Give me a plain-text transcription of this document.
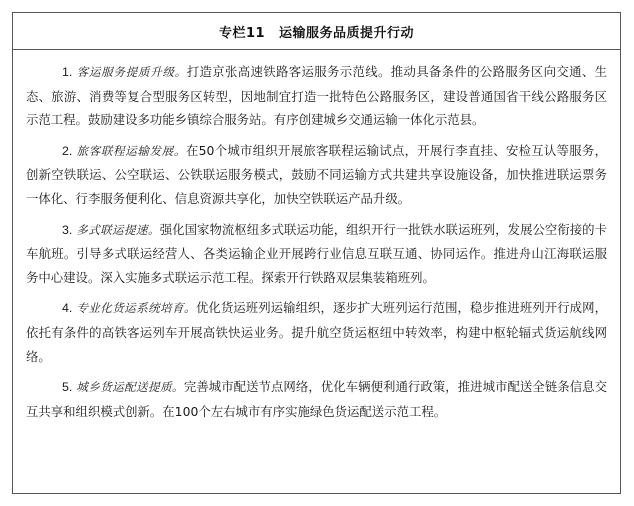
专栏11 运输服务品质提升行动

1. 客运服务提质升级。打造京张高速铁路客运服务示范线。推动具备条件的公路服务区向交通、生态、旅游、消费等复合型服务区转型，因地制宜打造一批特色公路服务区，建设普通国省干线公路服务区示范工程。鼓励建设多功能乡镇综合服务站。有序创建城乡交通运输一体化示范县。

2. 旅客联程运输发展。在50个城市组织开展旅客联程运输试点，开展行李直挂、安检互认等服务，创新空铁联运、公空联运、公铁联运服务模式，鼓励不同运输方式共建共享设施设备，加快推进联运票务一体化、行李服务便利化、信息资源共享化，加快空铁联运产品升级。

3. 多式联运提速。强化国家物流枢纽多式联运功能，组织开行一批铁水联运班列，发展公空衔接的卡车航班。引导多式联运经营人、各类运输企业开展跨行业信息互联互通、协同运作。推进舟山江海联运服务中心建设。深入实施多式联运示范工程。探索开行铁路双层集装箱班列。

4. 专业化货运系统培育。优化货运班列运输组织，逐步扩大班列运行范围，稳步推进班列开行成网，依托有条件的高铁客运列车开展高铁快运业务。提升航空货运枢纽中转效率，构建中枢轮辐式货运航线网络。

5. 城乡货运配送提质。完善城市配送节点网络，优化车辆便利通行政策，推进城市配送全链条信息交互共享和组织模式创新。在100个左右城市有序实施绿色货运配送示范工程。
